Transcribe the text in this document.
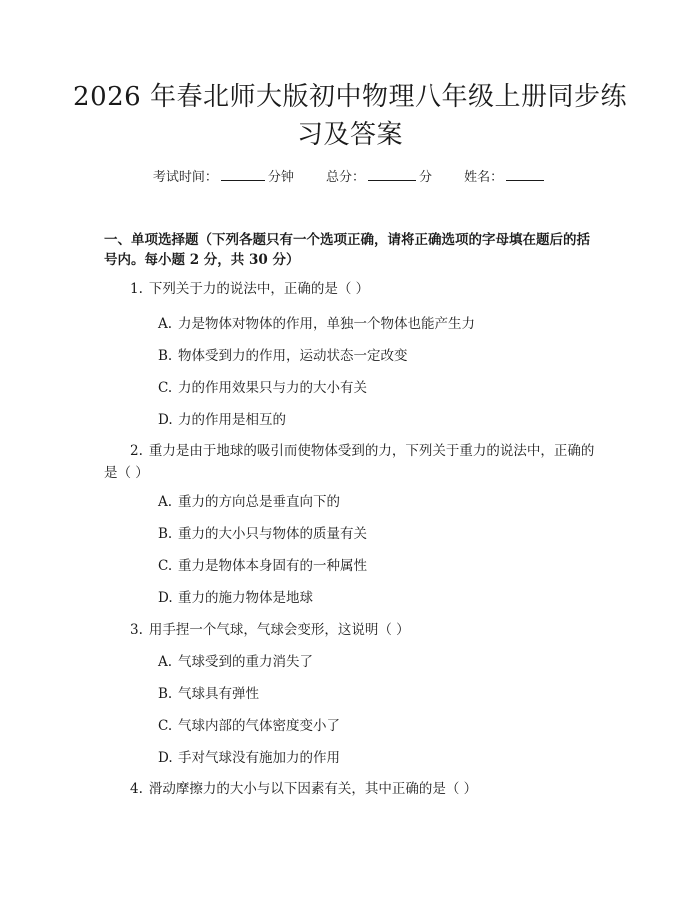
2026 年春北师大版初中物理八年级上册同步练习及答案
考试时间：	分钟 总分：	分 姓名：
一、单项选择题（下列各题只有一个选项正确，请将正确选项的字母填在题后的括号内。每小题 2 分，共 30 分）
1. 下列关于力的说法中，正确的是（ ）
A. 力是物体对物体的作用，单独一个物体也能产生力
B. 物体受到力的作用，运动状态一定改变
C. 力的作用效果只与力的大小有关
D. 力的作用是相互的
2. 重力是由于地球的吸引而使物体受到的力，下列关于重力的说法中，正确的是（ ）
A. 重力的方向总是垂直向下的
B. 重力的大小只与物体的质量有关
C. 重力是物体本身固有的一种属性
D. 重力的施力物体是地球
3. 用手捏一个气球，气球会变形，这说明（ ）
A. 气球受到的重力消失了
B. 气球具有弹性
C. 气球内部的气体密度变小了
D. 手对气球没有施加力的作用
4. 滑动摩擦力的大小与以下因素有关，其中正确的是（ ）
